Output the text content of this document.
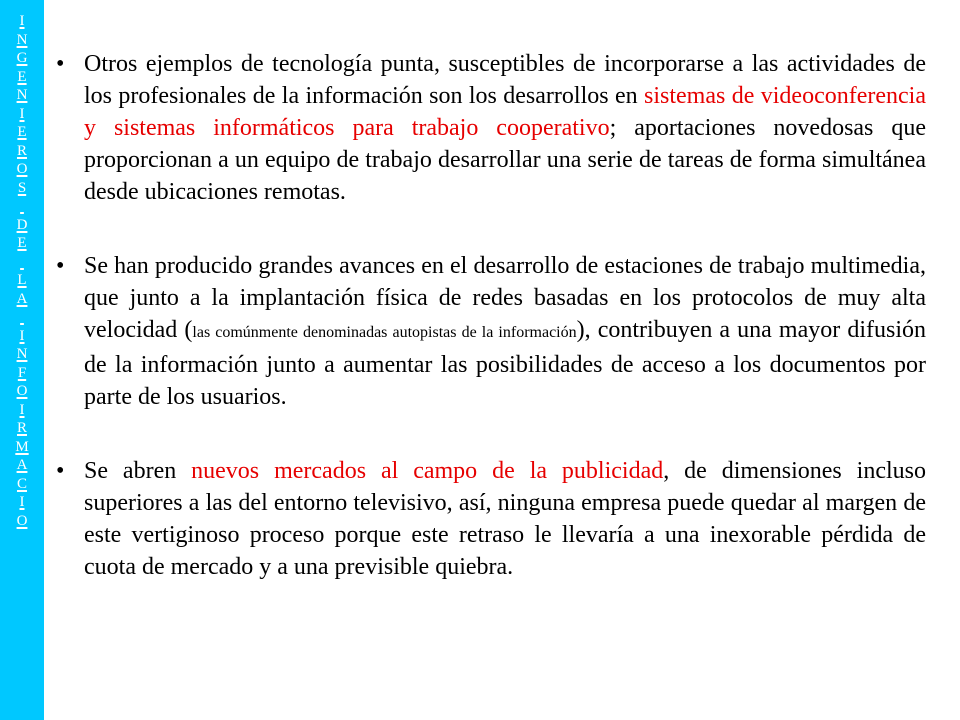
I
N
G
E
N
I
E
R
O
S

D
E

L
A

I
N
F
O
I
R
M
A
C
I
O
• Otros ejemplos de tecnología punta, susceptibles de incorporarse a las actividades de los profesionales de la información son los desarrollos en sistemas de videoconferencia y sistemas informáticos para trabajo cooperativo; aportaciones novedosas que proporcionan a un equipo de trabajo desarrollar una serie de tareas de forma simultánea desde ubicaciones remotas.

• Se han producido grandes avances en el desarrollo de estaciones de trabajo multimedia, que junto a la implantación física de redes basadas en los protocolos de muy alta velocidad (las comúnmente denominadas autopistas de la información), contribuyen a una mayor difusión de la información junto a aumentar las posibilidades de acceso a los documentos por parte de los usuarios.

• Se abren nuevos mercados al campo de la publicidad, de dimensiones incluso superiores a las del entorno televisivo, así, ninguna empresa puede quedar al margen de este vertiginoso proceso porque este retraso le llevaría a una inexorable pérdida de cuota de mercado y a una previsible quiebra.
